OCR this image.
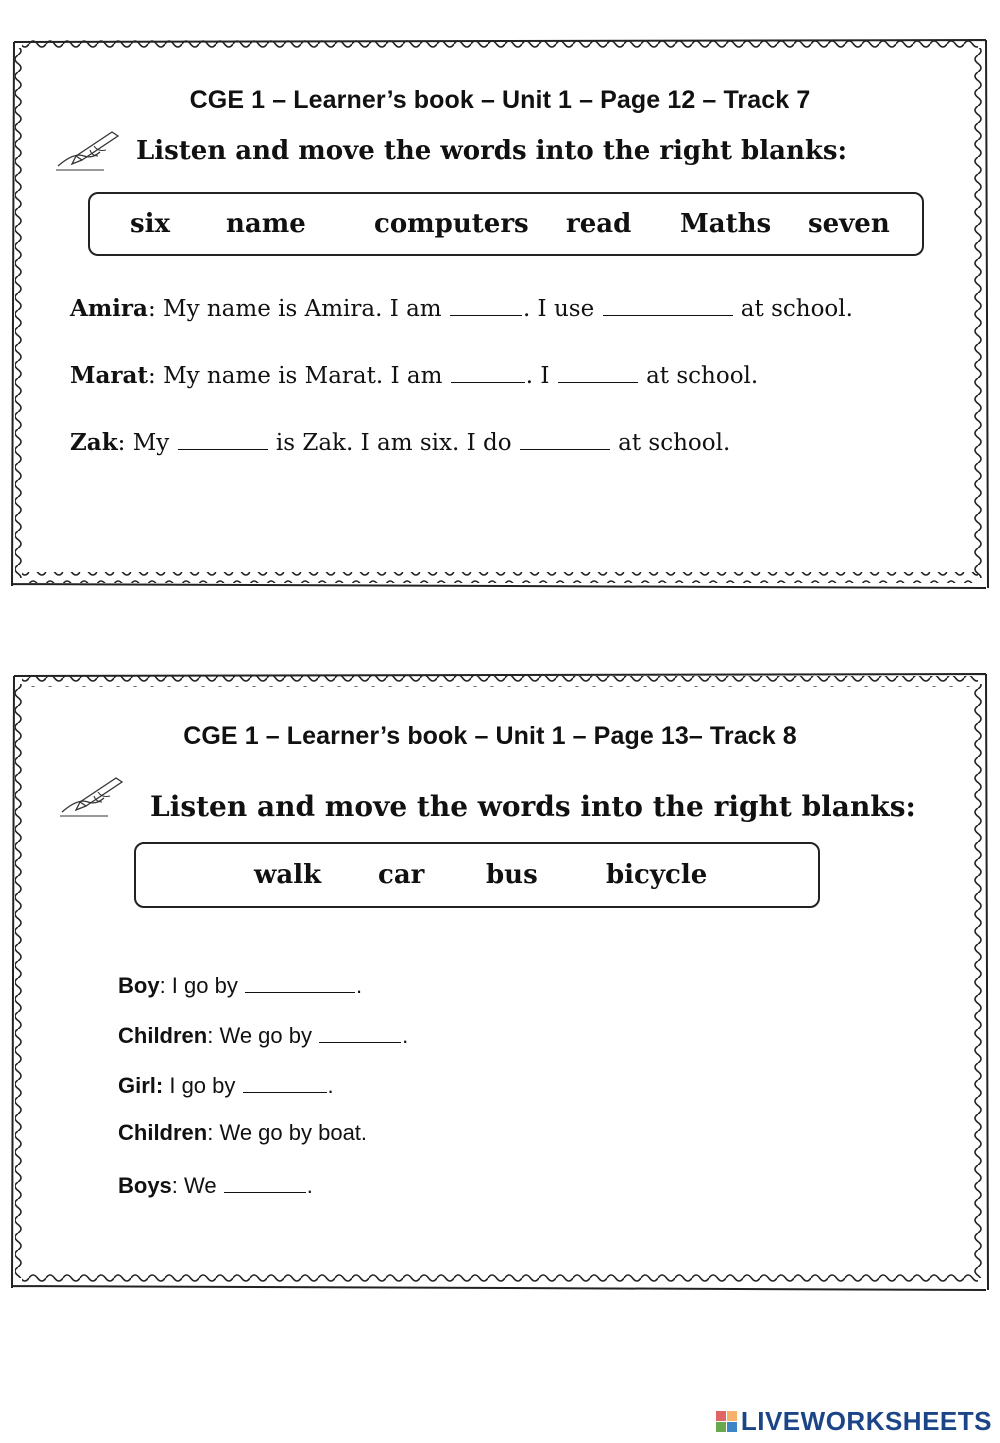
CGE 1 – Learner’s book – Unit 1 – Page 12 – Track 7
Listen and move the words into the right blanks:
six name	computers read Maths seven
Amira: My name is Amira. I am	. I use	at school.
Marat: My name is Marat. I am	. I	at school.
Zak: My	is Zak. I am six. I do	at school.
CGE 1 – Learner’s book – Unit 1 – Page 13– Track 8
Listen and move the words into the right blanks:
walk car bus	bicycle
Boy: I go by	.
Children: We go by	.
Girl: I go by	.
Children: We go by boat.
Boys: We	.
LIVEWORKSHEETS
